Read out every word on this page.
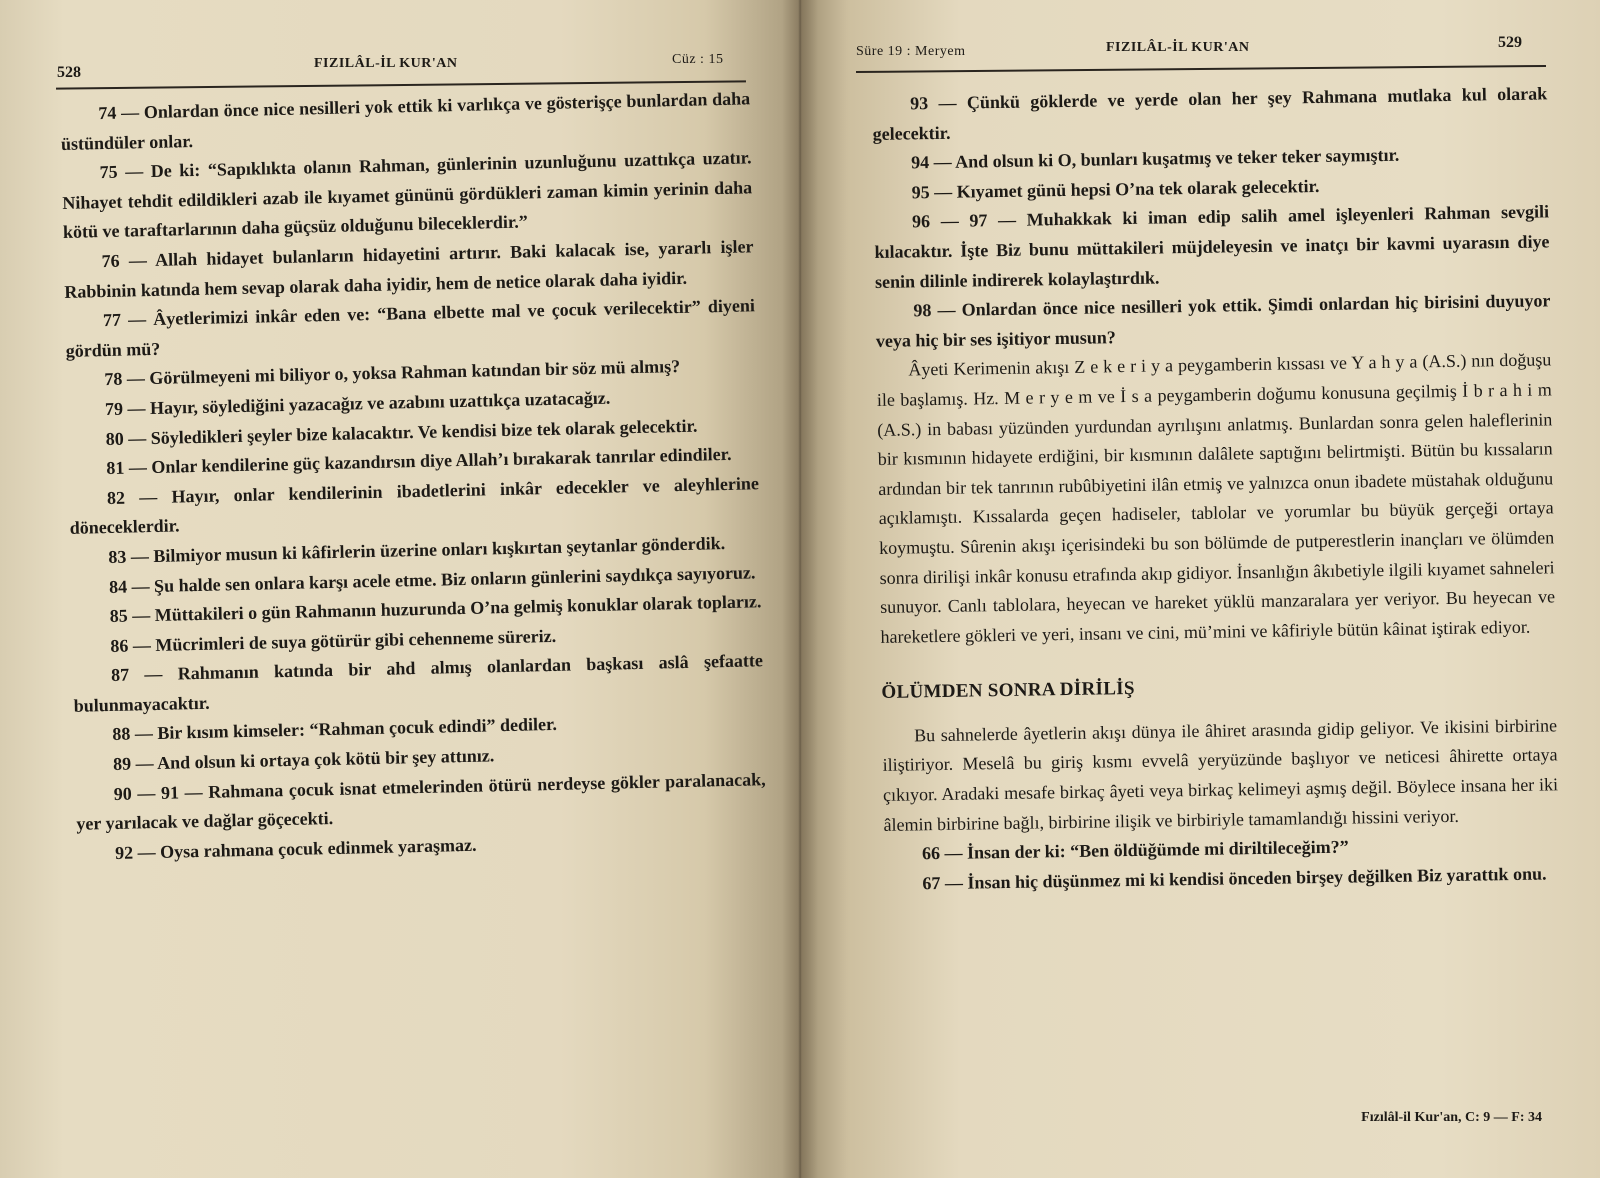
528
FIZILÂL-İL KUR'AN	Cüz : 15

74 — Onlardan önce nice nesilleri yok ettik ki varlıkça ve gösterişçe bunlardan daha üstündüler onlar.

75 — De ki: “Sapıklıkta olanın Rahman, günlerinin uzunluğunu uzattıkça uzatır. Nihayet tehdit edildikleri azab ile kıyamet gününü gördükleri zaman kimin yerinin daha kötü ve taraftarlarının daha güçsüz olduğunu bileceklerdir.”

76 — Allah hidayet bulanların hidayetini artırır. Baki kalacak ise, yararlı işler Rabbinin katında hem sevap olarak daha iyidir, hem de netice olarak daha iyidir.

77 — Âyetlerimizi inkâr eden ve: “Bana elbette mal ve çocuk verilecektir” diyeni gördün mü?

78 — Görülmeyeni mi biliyor o, yoksa Rahman katından bir söz mü almış?

79 — Hayır, söylediğini yazacağız ve azabını uzattıkça uzatacağız.

80 — Söyledikleri şeyler bize kalacaktır. Ve kendisi bize tek olarak gelecektir.

81 — Onlar kendilerine güç kazandırsın diye Allah’ı bırakarak tanrılar edindiler.

82 — Hayır, onlar kendilerinin ibadetlerini inkâr edecekler ve aleyhlerine döneceklerdir.

83 — Bilmiyor musun ki kâfirlerin üzerine onları kışkırtan şeytanlar gönderdik.

84 — Şu halde sen onlara karşı acele etme. Biz onların günlerini saydıkça sayıyoruz.

85 — Müttakileri o gün Rahmanın huzurunda O’na gelmiş konuklar olarak toplarız.

86 — Mücrimleri de suya götürür gibi cehenneme süreriz.

87 — Rahmanın katında bir ahd almış olanlardan başkası aslâ şefaatte bulunmayacaktır.

88 — Bir kısım kimseler: “Rahman çocuk edindi” dediler.

89 — And olsun ki ortaya çok kötü bir şey attınız.

90 — 91 — Rahmana çocuk isnat etmelerinden ötürü nerdeyse gökler paralanacak, yer yarılacak ve dağlar göçecekti.

92 — Oysa rahmana çocuk edinmek yaraşmaz.

Süre 19 : Meryem	FIZILÂL-İL KUR'AN	529

93 — Çünkü göklerde ve yerde olan her şey Rahmana mutlaka kul olarak gelecektir.

94 — And olsun ki O, bunları kuşatmış ve teker teker saymıştır.

95 — Kıyamet günü hepsi O’na tek olarak gelecektir.

96 — 97 — Muhakkak ki iman edip salih amel işleyenleri Rahman sevgili kılacaktır. İşte Biz bunu müttakileri müjdeleyesin ve inatçı bir kavmi uyarasın diye senin dilinle indirerek kolaylaştırdık.

98 — Onlardan önce nice nesilleri yok ettik. Şimdi onlardan hiç birisini duyuyor veya hiç bir ses işitiyor musun?

Âyeti Kerimenin akışı Z e k e r i y a peygamberin kıssası ve Y a h y a (A.S.) nın doğuşu ile başlamış. Hz. M e r y e m ve İ s a peygamberin doğumu konusuna geçilmiş İ b r a h i m (A.S.) in babası yüzünden yurdundan ayrılışını anlatmış. Bunlardan sonra gelen haleflerinin bir kısmının hidayete erdiğini, bir kısmının dalâlete saptığını belirtmişti. Bütün bu kıssaların ardından bir tek tanrının rubûbiyetini ilân etmiş ve yalnızca onun ibadete müstahak olduğunu açıklamıştı. Kıssalarda geçen hadiseler, tablolar ve yorumlar bu büyük gerçeği ortaya koymuştu. Sûrenin akışı içerisindeki bu son bölümde de putperestlerin inançları ve ölümden sonra dirilişi inkâr konusu etrafında akıp gidiyor. İnsanlığın âkıbetiyle ilgili kıyamet sahneleri sunuyor. Canlı tablolara, heyecan ve hareket yüklü manzaralara yer veriyor. Bu heyecan ve hareketlere gökleri ve yeri, insanı ve cini, mü’mini ve kâfiriyle bütün kâinat iştirak ediyor.

ÖLÜMDEN SONRA DİRİLİŞ

Bu sahnelerde âyetlerin akışı dünya ile âhiret arasında gidip geliyor. Ve ikisini birbirine iliştiriyor. Meselâ bu giriş kısmı evvelâ yeryüzünde başlıyor ve neticesi âhirette ortaya çıkıyor. Aradaki mesafe birkaç âyeti veya birkaç kelimeyi aşmış değil. Böylece insana her iki âlemin birbirine bağlı, birbirine ilişik ve birbiriyle tamamlandığı hissini veriyor.

66 — İnsan der ki: “Ben öldüğümde mi diriltileceğim?”

67 — İnsan hiç düşünmez mi ki kendisi önceden birşey değilken Biz yarattık onu.

Fızılâl-il Kur'an, C: 9 — F: 34
